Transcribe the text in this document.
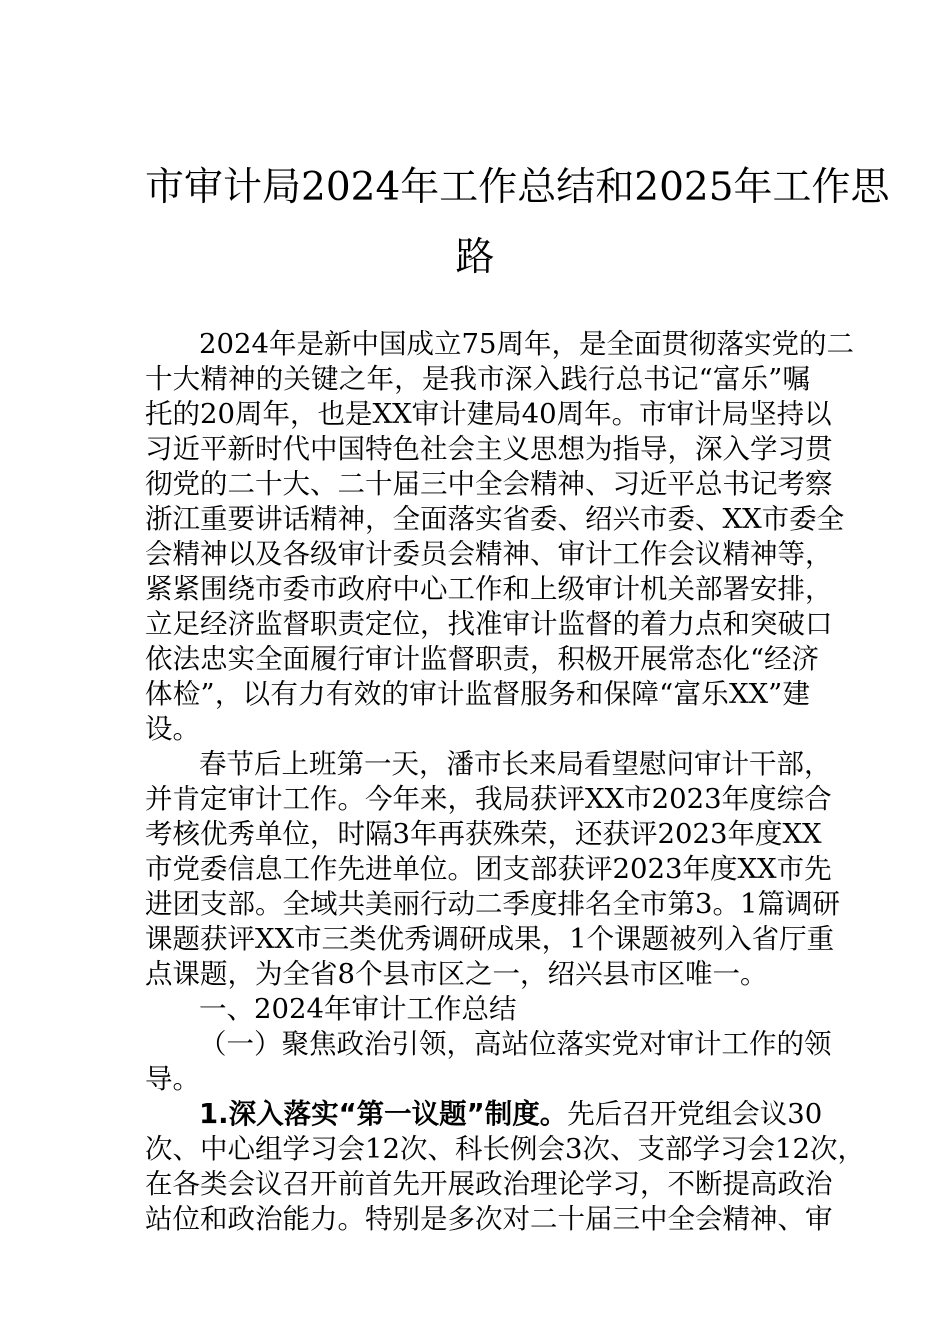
市审计局2024年工作总结和2025年工作思
路
2024年是新中国成立75周年，是全面贯彻落实党的二
十大精神的关键之年，是我市深入践行总书记“富乐”嘱
托的20周年，也是XX审计建局40周年。市审计局坚持以
习近平新时代中国特色社会主义思想为指导，深入学习贯
彻党的二十大、二十届三中全会精神、习近平总书记考察
浙江重要讲话精神，全面落实省委、绍兴市委、XX市委全
会精神以及各级审计委员会精神、审计工作会议精神等，
紧紧围绕市委市政府中心工作和上级审计机关部署安排，
立足经济监督职责定位，找准审计监督的着力点和突破口
依法忠实全面履行审计监督职责，积极开展常态化“经济
体检”，以有力有效的审计监督服务和保障“富乐XX”建
设。
春节后上班第一天，潘市长来局看望慰问审计干部，
并肯定审计工作。今年来，我局获评XX市2023年度综合
考核优秀单位，时隔3年再获殊荣，还获评2023年度XX
市党委信息工作先进单位。团支部获评2023年度XX市先
进团支部。全域共美丽行动二季度排名全市第3。1篇调研
课题获评XX市三类优秀调研成果，1个课题被列入省厅重
点课题，为全省8个县市区之一，绍兴县市区唯一。
一、2024年审计工作总结
（一）聚焦政治引领，高站位落实党对审计工作的领
导。
1.深入落实“第一议题”制度。先后召开党组会议30
次、中心组学习会12次、科长例会3次、支部学习会12次，
在各类会议召开前首先开展政治理论学习，不断提高政治
站位和政治能力。特别是多次对二十届三中全会精神、审
